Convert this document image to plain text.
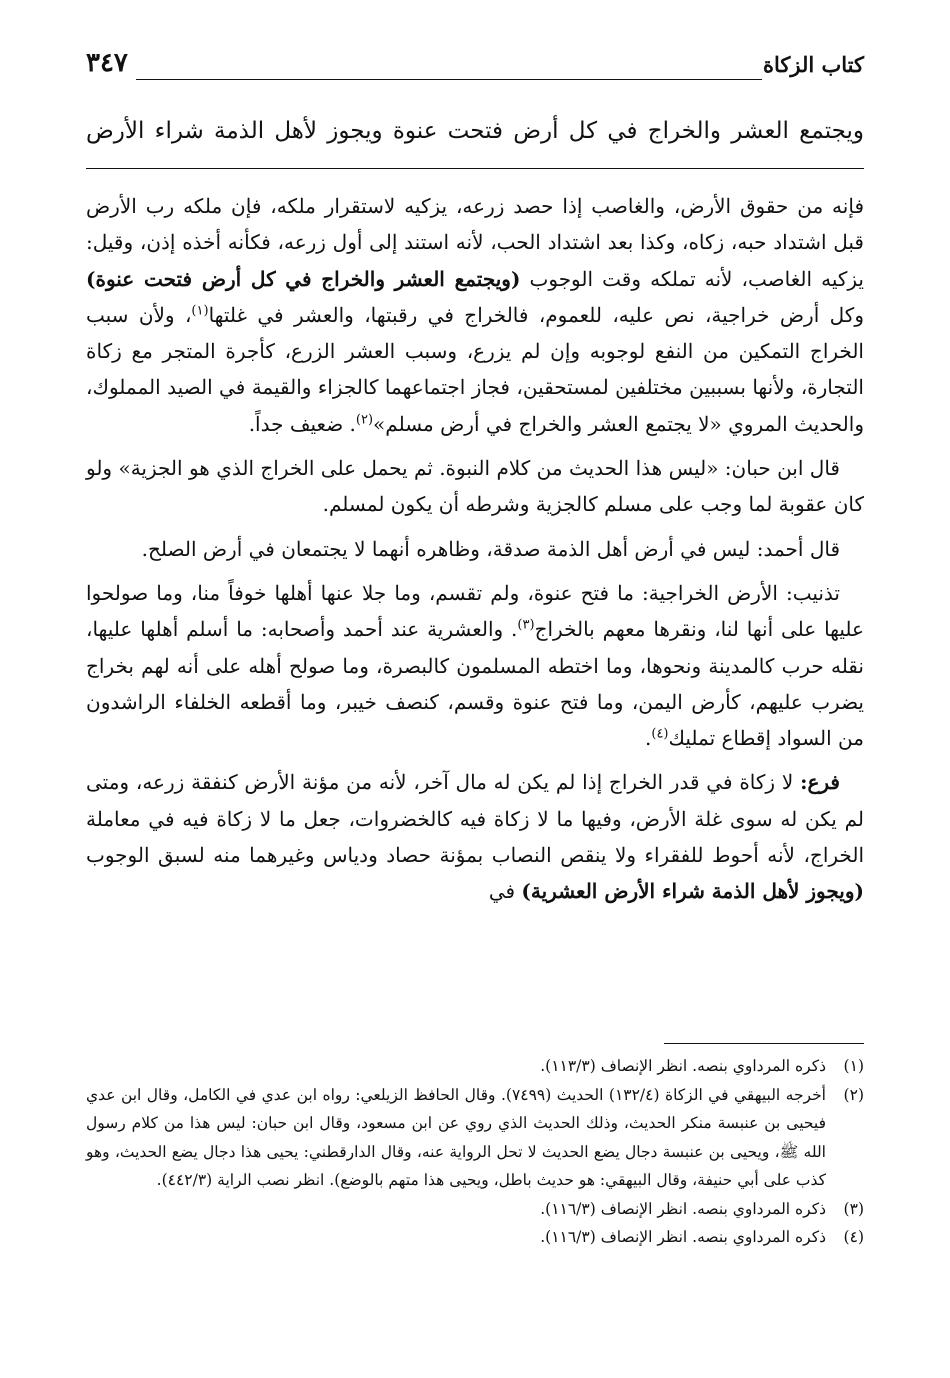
كتاب الزكاة
٣٤٧
ويجتمع العشر والخراج في كل أرض فتحت عنوة ويجوز لأهل الذمة شراء الأرض

فإنه من حقوق الأرض، والغاصب إذا حصد زرعه، يزكيه لاستقرار ملكه، فإن ملكه رب الأرض قبل اشتداد حبه، زكاه، وكذا بعد اشتداد الحب، لأنه استند إلى أول زرعه، فكأنه أخذه إذن، وقيل: يزكيه الغاصب، لأنه تملكه وقت الوجوب (ويجتمع العشر والخراج في كل أرض فتحت عنوة) وكل أرض خراجية، نص عليه، للعموم، فالخراج في رقبتها، والعشر في غلتها$^{(١)}$، ولأن سبب الخراج التمكين من النفع لوجوبه وإن لم يزرع، وسبب العشر الزرع، كأجرة المتجر مع زكاة التجارة، ولأنها بسببين مختلفين لمستحقين، فجاز اجتماعهما كالجزاء والقيمة في الصيد المملوك، والحديث المروي «لا يجتمع العشر والخراج في أرض مسلم»$^{(٢)}$. ضعيف جداً.

قال ابن حبان: «ليس هذا الحديث من كلام النبوة. ثم يحمل على الخراج الذي هو الجزية» ولو كان عقوبة لما وجب على مسلم كالجزية وشرطه أن يكون لمسلم.

قال أحمد: ليس في أرض أهل الذمة صدقة، وظاهره أنهما لا يجتمعان في أرض الصلح.

تذنيب: الأرض الخراجية: ما فتح عنوة، ولم تقسم، وما جلا عنها أهلها خوفاً منا، وما صولحوا عليها على أنها لنا، ونقرها معهم بالخراج$^{(٣)}$. والعشرية عند أحمد وأصحابه: ما أسلم أهلها عليها، نقله حرب كالمدينة ونحوها، وما اختطه المسلمون كالبصرة، وما صولح أهله على أنه لهم بخراج يضرب عليهم، كأرض اليمن، وما فتح عنوة وقسم، كنصف خيبر، وما أقطعه الخلفاء الراشدون من السواد إقطاع تمليك$^{(٤)}$.

فرع: لا زكاة في قدر الخراج إذا لم يكن له مال آخر، لأنه من مؤنة الأرض كنفقة زرعه، ومتى لم يكن له سوى غلة الأرض، وفيها ما لا زكاة فيه كالخضروات، جعل ما لا زكاة فيه في معاملة الخراج، لأنه أحوط للفقراء ولا ينقص النصاب بمؤنة حصاد ودياس وغيرهما منه لسبق الوجوب (ويجوز لأهل الذمة شراء الأرض العشرية) في

(١)
ذكره المرداوي بنصه. انظر الإنصاف (١١٣/٣).
(٢)
أخرجه البيهقي في الزكاة (١٣٢/٤) الحديث (٧٤٩٩). وقال الحافظ الزيلعي: رواه ابن عدي في الكامل، وقال ابن عدي فيحيى بن عنبسة منكر الحديث، وذلك الحديث الذي روي عن ابن مسعود، وقال ابن حبان: ليس هذا من كلام رسول الله ﷺ، ويحيى بن عنبسة دجال يضع الحديث لا تحل الرواية عنه، وقال الدارقطني: يحيى هذا دجال يضع الحديث، وهو كذب على أبي حنيفة، وقال البيهقي: هو حديث باطل، ويحيى هذا متهم بالوضع). انظر نصب الراية (٤٤٢/٣).
(٣)
ذكره المرداوي بنصه. انظر الإنصاف (١١٦/٣).
(٤)
ذكره المرداوي بنصه. انظر الإنصاف (١١٦/٣).
